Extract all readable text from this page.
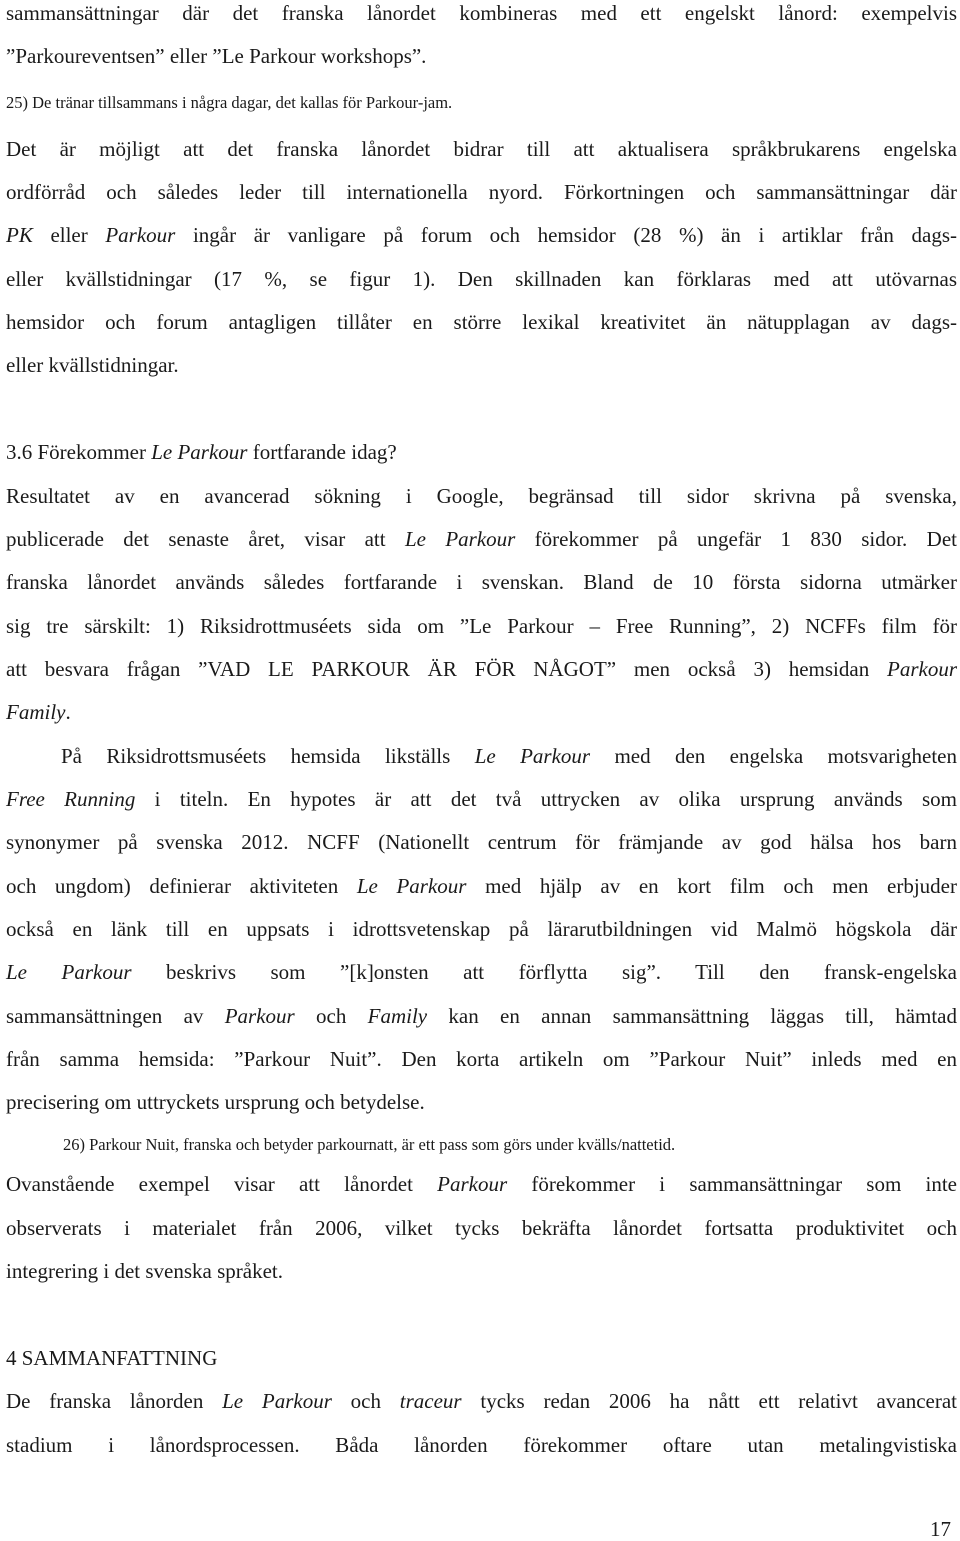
sammansättningar där det franska lånordet kombineras med ett engelskt lånord: exempelvis
”Parkoureventsen” eller ”Le Parkour workshops”.
25) De tränar tillsammans i några dagar, det kallas för Parkour-jam.
Det är möjligt att det franska lånordet bidrar till att aktualisera språkbrukarens engelska
ordförråd och således leder till internationella nyord. Förkortningen och sammansättningar där
PK eller Parkour ingår är vanligare på forum och hemsidor (28 %) än i artiklar från dags-
eller kvällstidningar (17 %, se figur 1). Den skillnaden kan förklaras med att utövarnas
hemsidor och forum antagligen tillåter en större lexikal kreativitet än nätupplagan av dags-
eller kvällstidningar.
3.6 Förekommer Le Parkour fortfarande idag?
Resultatet av en avancerad sökning i Google, begränsad till sidor skrivna på svenska,
publicerade det senaste året, visar att Le Parkour förekommer på ungefär 1 830 sidor. Det
franska lånordet används således fortfarande i svenskan. Bland de 10 första sidorna utmärker
sig tre särskilt: 1) Riksidrottmuséets sida om ”Le Parkour – Free Running”, 2) NCFFs film för
att besvara frågan ”VAD LE PARKOUR ÄR FÖR NÅGOT” men också 3) hemsidan Parkour
Family.
På Riksidrottsmuséets hemsida likställs Le Parkour med den engelska motsvarigheten
Free Running i titeln. En hypotes är att det två uttrycken av olika ursprung används som
synonymer på svenska 2012. NCFF (Nationellt centrum för främjande av god hälsa hos barn
och ungdom) definierar aktiviteten Le Parkour med hjälp av en kort film och men erbjuder
också en länk till en uppsats i idrottsvetenskap på lärarutbildningen vid Malmö högskola där
Le Parkour beskrivs som ”[k]onsten att förflytta sig”. Till den fransk-engelska
sammansättningen av Parkour och Family kan en annan sammansättning läggas till, hämtad
från samma hemsida: ”Parkour Nuit”. Den korta artikeln om ”Parkour Nuit” inleds med en
precisering om uttryckets ursprung och betydelse.
26) Parkour Nuit, franska och betyder parkournatt, är ett pass som görs under kvälls/nattetid.
Ovanstående exempel visar att lånordet Parkour förekommer i sammansättningar som inte
observerats i materialet från 2006, vilket tycks bekräfta lånordet fortsatta produktivitet och
integrering i det svenska språket.
4 SAMMANFATTNING
De franska lånorden Le Parkour och traceur tycks redan 2006 ha nått ett relativt avancerat
stadium i lånordsprocessen. Båda lånorden förekommer oftare utan metalingvistiska
17
